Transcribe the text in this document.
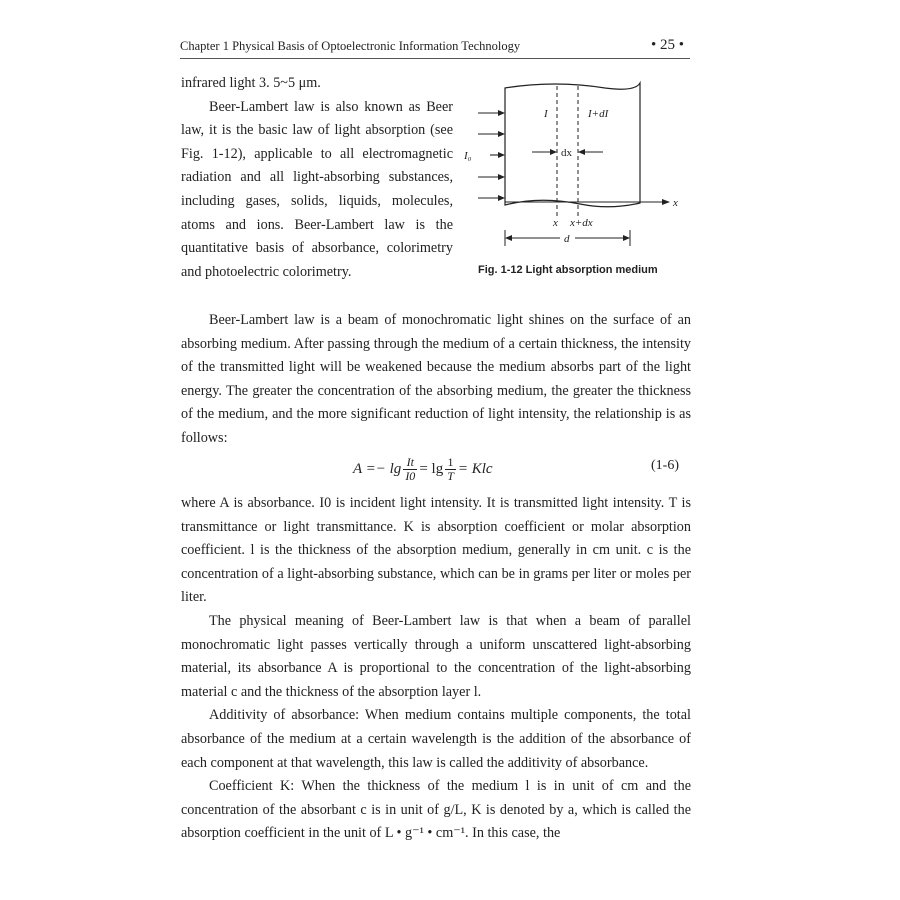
Chapter 1 Physical Basis of Optoelectronic Information Technology	• 25 •

infrared light 3. 5~5 μm.

Beer-Lambert law is also known as Beer law, it is the basic law of light absorption (see Fig. 1-12), applicable to all electromagnetic radiation and all light-absorbing substances, including gases, solids, liquids, molecules, atoms and ions. Beer-Lambert law is the quantitative basis of absorbance, colorimetry and photoelectric colorimetry.

I	I+dI
I₀	dx
x
x x+dx
d
Fig. 1-12 Light absorption medium

Beer-Lambert law is a beam of monochromatic light shines on the surface of an absorbing medium. After passing through the medium of a certain thickness, the intensity of the transmitted light will be weakened because the medium absorbs part of the light energy. The greater the concentration of the absorbing medium, the greater the thickness of the medium, and the more significant reduction of light intensity, the relationship is as follows:

$A =- \lg \frac{It}{I0} = \lg \frac{1}{T}$ = Klc	(1-6)

where A is absorbance. I0 is incident light intensity. It is transmitted light intensity. T is transmittance or light transmittance. K is absorption coefficient or molar absorption coefficient. l is the thickness of the absorption medium, generally in cm unit. c is the concentration of a light-absorbing substance, which can be in grams per liter or moles per liter.

The physical meaning of Beer-Lambert law is that when a beam of parallel monochromatic light passes vertically through a uniform unscattered light-absorbing material, its absorbance A is proportional to the concentration of the light-absorbing material c and the thickness of the absorption layer l.

Additivity of absorbance: When medium contains multiple components, the total absorbance of the medium at a certain wavelength is the addition of the absorbance of each component at that wavelength, this law is called the additivity of absorbance.

Coefficient K: When the thickness of the medium l is in unit of cm and the concentration of the absorbant c is in unit of g/L, K is denoted by a, which is called the absorption coefficient in the unit of L • g⁻¹ • cm⁻¹. In this case, the
